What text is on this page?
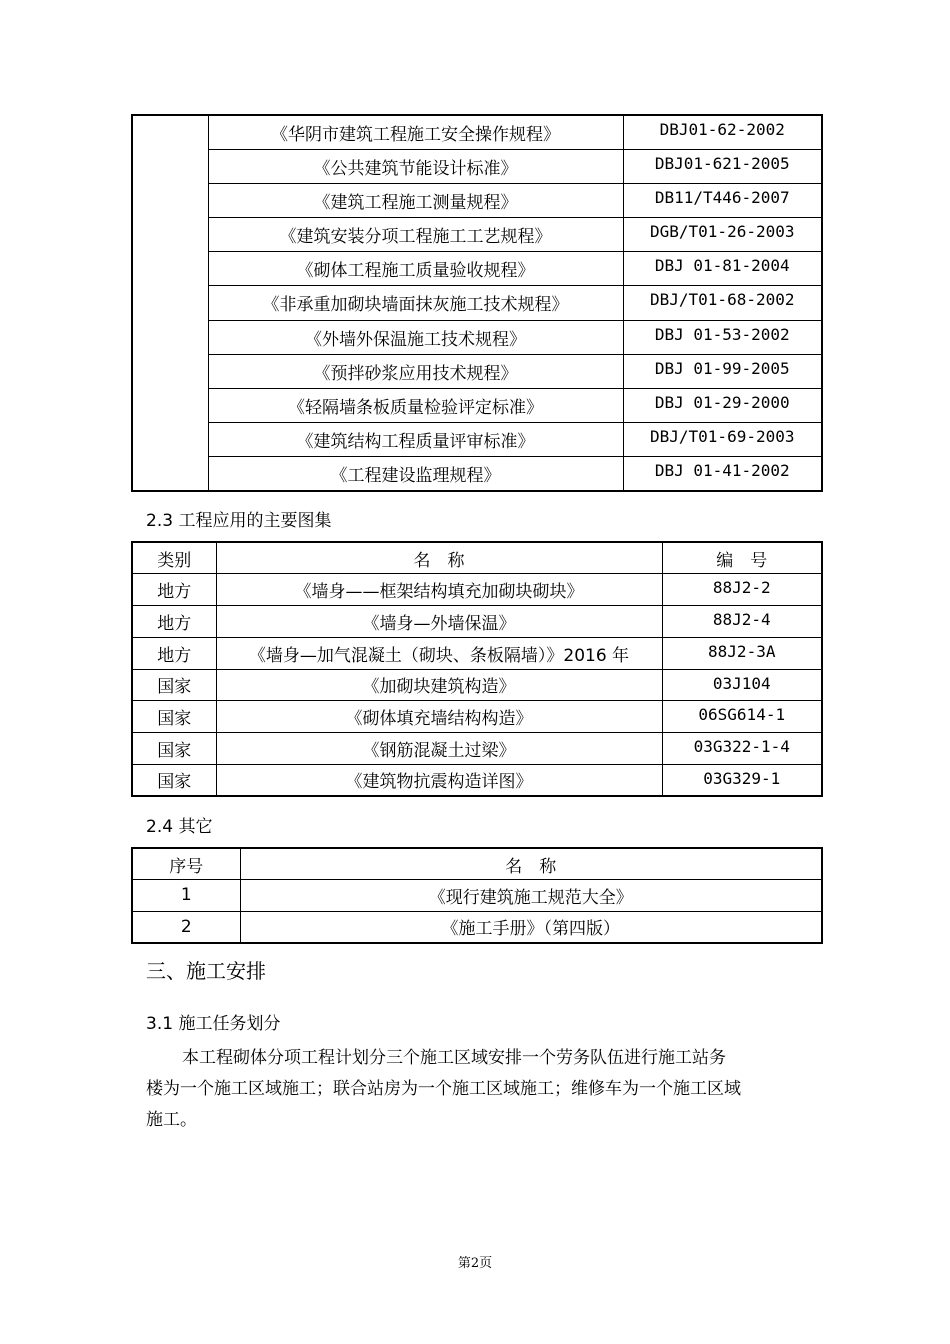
	《华阴市建筑工程施工安全操作规程》	DBJ01-62-2002
	《公共建筑节能设计标准》	DBJ01-621-2005
	《建筑工程施工测量规程》	DB11/T446-2007
	《建筑安装分项工程施工工艺规程》	DGB/T01-26-2003
	《砌体工程施工质量验收规程》	DBJ 01-81-2004
	《非承重加砌块墙面抹灰施工技术规程》	DBJ/T01-68-2002
	《外墙外保温施工技术规程》	DBJ 01-53-2002
	《预拌砂浆应用技术规程》	DBJ 01-99-2005
	《轻隔墙条板质量检验评定标准》	DBJ 01-29-2000
	《建筑结构工程质量评审标准》	DBJ/T01-69-2003
	《工程建设监理规程》	DBJ 01-41-2002
2.3 工程应用的主要图集
类别	名　称	编　号
地方	《墙身——框架结构填充加砌块砌块》	88J2-2
地方	《墙身—外墙保温》	88J2-4
地方	《墙身—加气混凝土（砌块、条板隔墙）》2016 年	88J2-3A
国家	《加砌块建筑构造》	03J104
国家	《砌体填充墙结构构造》	06SG614-1
国家	《钢筋混凝土过梁》	03G322-1-4
国家	《建筑物抗震构造详图》	03G329-1
2.4 其它
序号	名　称
1	《现行建筑施工规范大全》
2	《施工手册》（第四版）
三、施工安排
3.1 施工任务划分
本工程砌体分项工程计划分三个施工区域安排一个劳务队伍进行施工站务
楼为一个施工区域施工；联合站房为一个施工区域施工；维修车为一个施工区域
施工。
第2页
